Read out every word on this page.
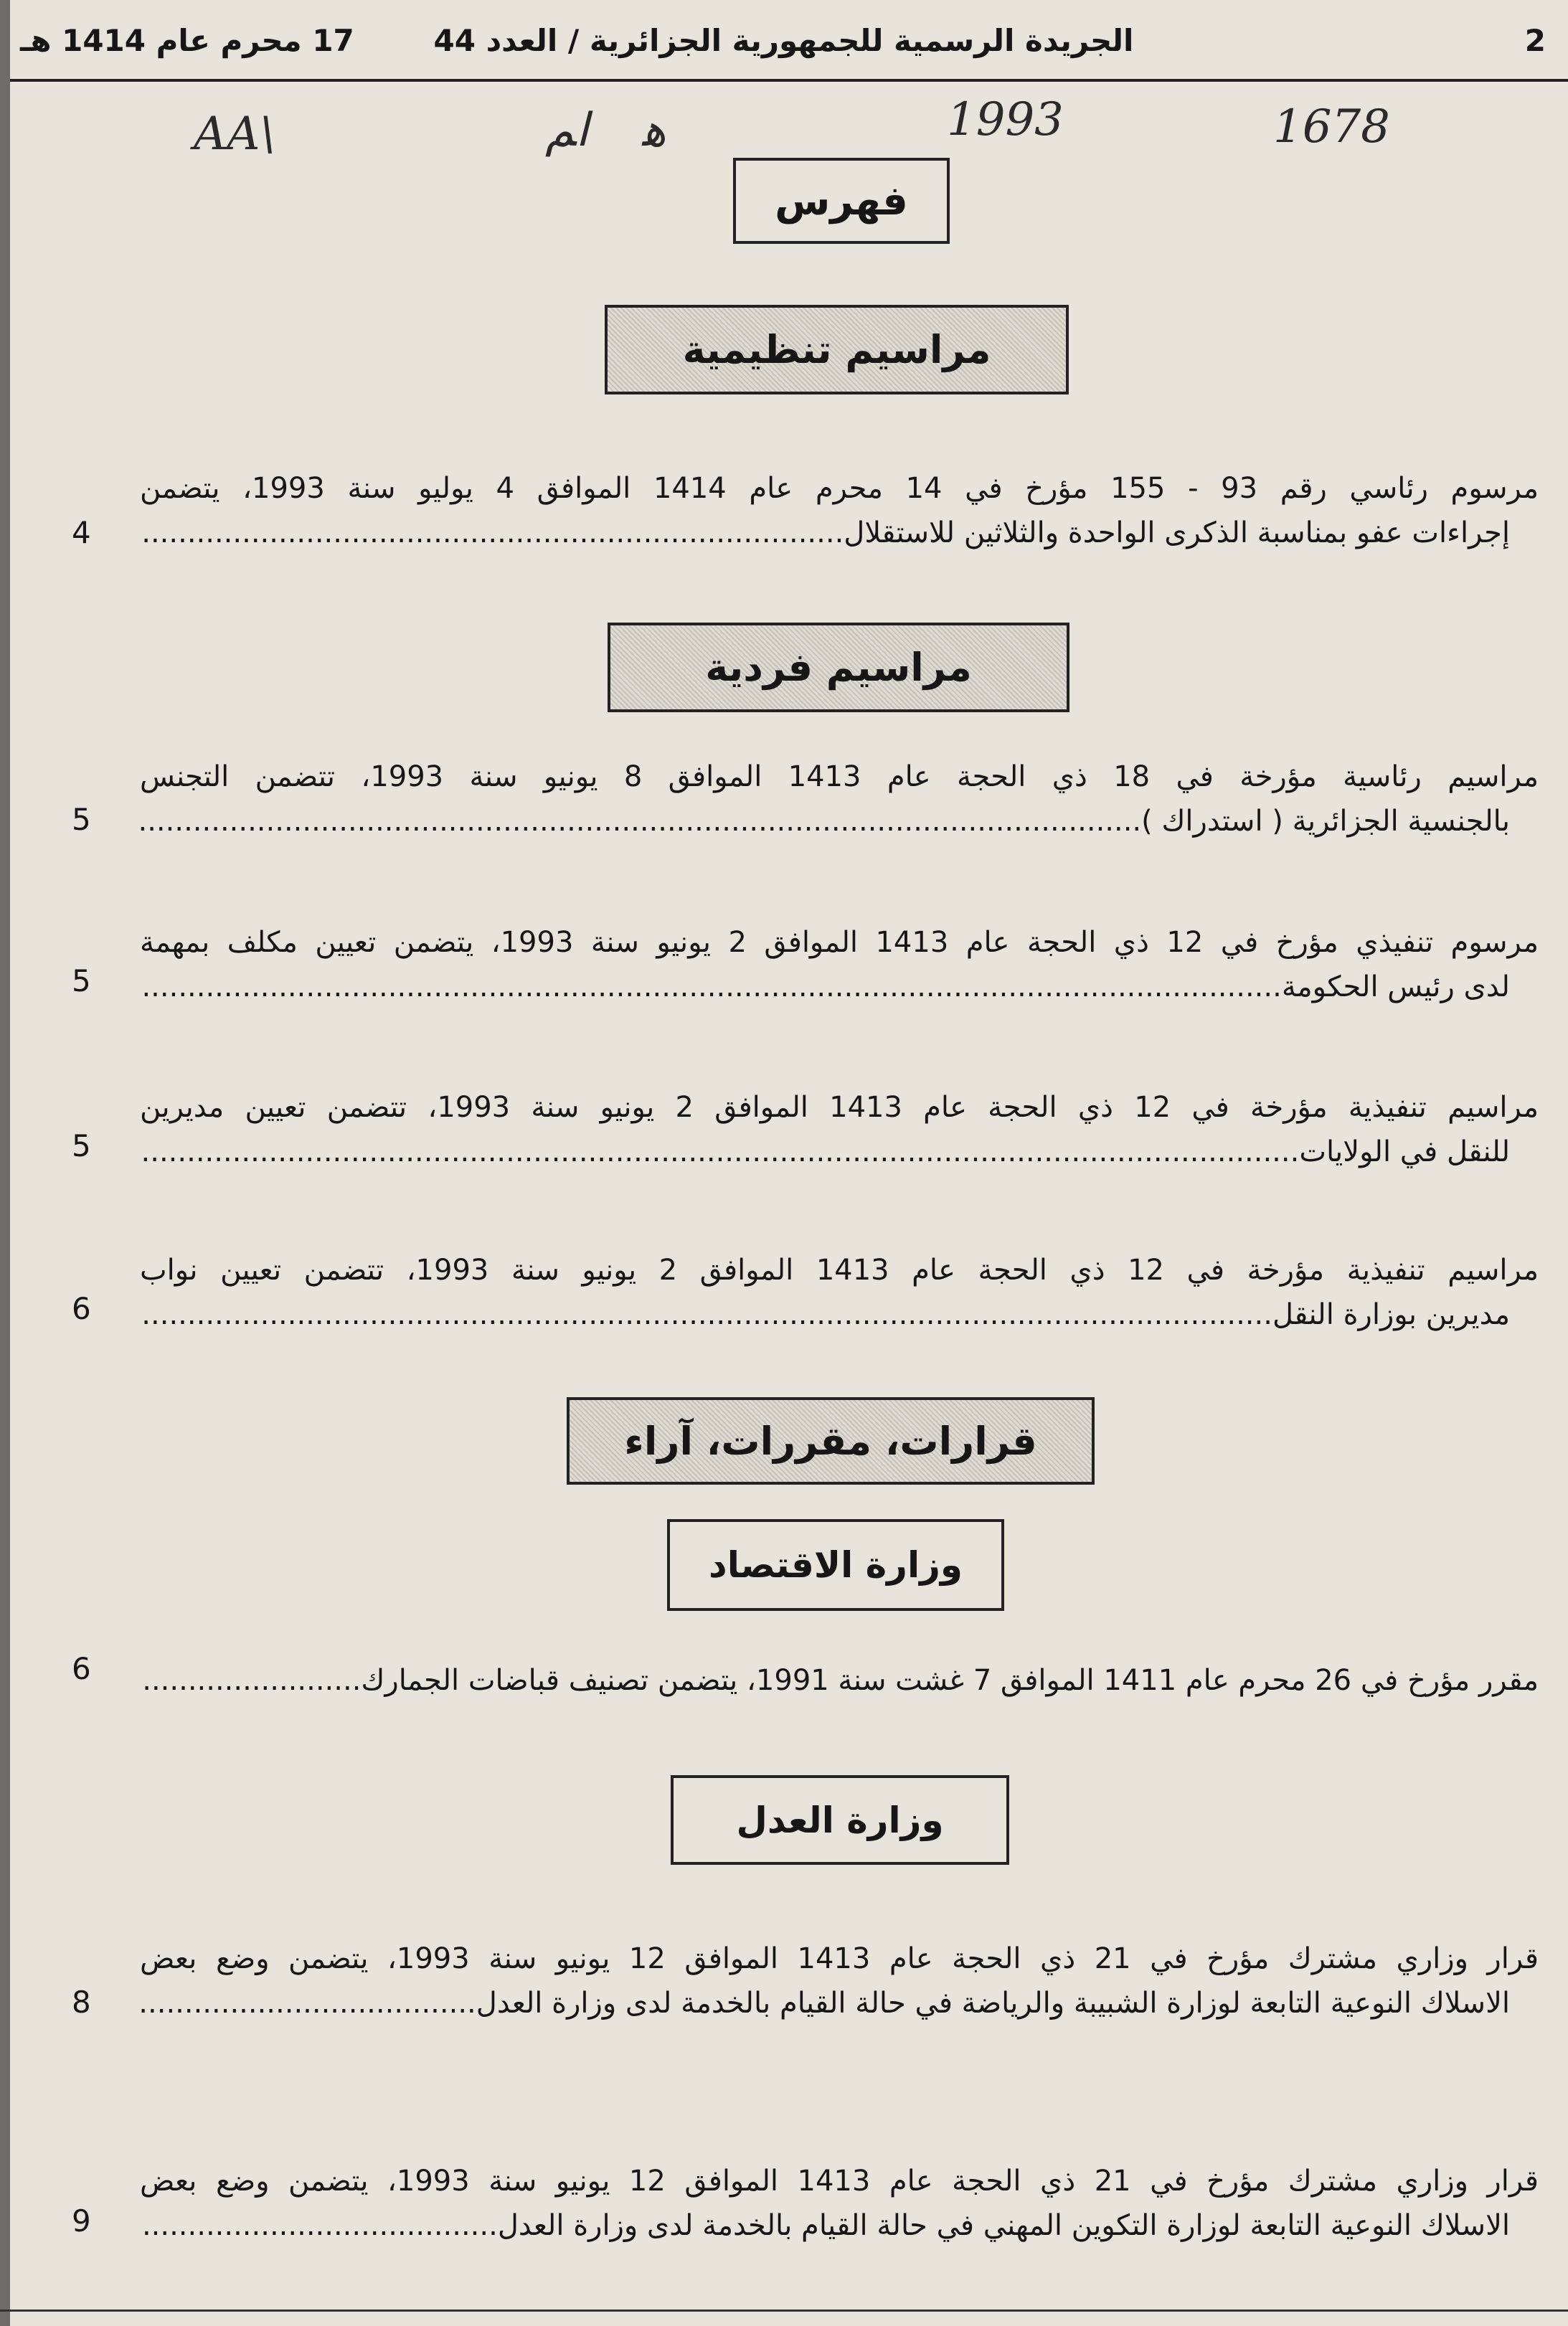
17 محرم عام 1414 هـ	الجريدة الرسمية للجمهورية الجزائرية / العدد 44	2
1678
1993
ﻫ
ﺍﻢ
AA\
فهرس
مراسيم تنظيمية
مرسوم رئاسي رقم 93 - 155 مؤرخ في 14 محرم عام 1414 الموافق 4 يوليو سنة 1993، يتضمن
إجراءات عفو بمناسبة الذكرى الواحدة والثلاثين للاستقلال
.....
4
مراسيم فردية
مراسيم رئاسية مؤرخة في 18 ذي الحجة عام 1413 الموافق 8 يونيو سنة 1993، تتضمن التجنس
بالجنسية الجزائرية ( استدراك )
.....
5
مرسوم تنفيذي مؤرخ في 12 ذي الحجة عام 1413 الموافق 2 يونيو سنة 1993، يتضمن تعيين مكلف بمهمة
لدى رئيس الحكومة
.....
5
مراسيم تنفيذية مؤرخة في 12 ذي الحجة عام 1413 الموافق 2 يونيو سنة 1993، تتضمن تعيين مديرين
للنقل في الولايات
.....
5
مراسيم تنفيذية مؤرخة في 12 ذي الحجة عام 1413 الموافق 2 يونيو سنة 1993، تتضمن تعيين نواب
مديرين بوزارة النقل
.....
6
قرارات، مقررات، آراء
وزارة الاقتصاد
مقرر مؤرخ في 26 محرم عام 1411 الموافق 7 غشت سنة 1991، يتضمن تصنيف قباضات الجمارك
.....
6
وزارة العدل
قرار وزاري مشترك مؤرخ في 21 ذي الحجة عام 1413 الموافق 12 يونيو سنة 1993، يتضمن وضع بعض
الاسلاك النوعية التابعة لوزارة الشبيبة والرياضة في حالة القيام بالخدمة لدى وزارة العدل
.....
8
قرار وزاري مشترك مؤرخ في 21 ذي الحجة عام 1413 الموافق 12 يونيو سنة 1993، يتضمن وضع بعض
الاسلاك النوعية التابعة لوزارة التكوين المهني في حالة القيام بالخدمة لدى وزارة العدل
.....
9
